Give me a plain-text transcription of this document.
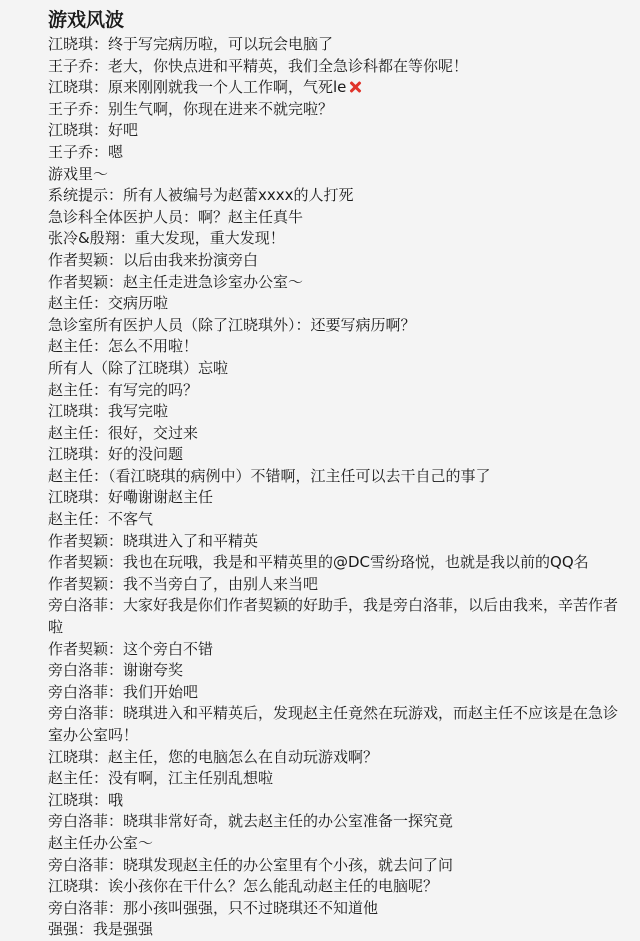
游戏风波
江晓琪：终于写完病历啦，可以玩会电脑了
王子乔：老大，你快点进和平精英，我们全急诊科都在等你呢！
江晓琪：原来刚刚就我一个人工作啊，气死le
王子乔：别生气啊，你现在进来不就完啦？
江晓琪：好吧
王子乔：嗯
游戏里～
系统提示：所有人被编号为赵蕾xxxx的人打死
急诊科全体医护人员：啊？赵主任真牛
张冷&殷翔：重大发现，重大发现！
作者契颖：以后由我来扮演旁白
作者契颖：赵主任走进急诊室办公室～
赵主任：交病历啦
急诊室所有医护人员（除了江晓琪外）：还要写病历啊？
赵主任：怎么不用啦！
所有人（除了江晓琪）忘啦
赵主任：有写完的吗？
江晓琪：我写完啦
赵主任：很好，交过来
江晓琪：好的没问题
赵主任：（看江晓琪的病例中）不错啊，江主任可以去干自己的事了
江晓琪：好嘞谢谢赵主任
赵主任：不客气
作者契颖：晓琪进入了和平精英
作者契颖：我也在玩哦，我是和平精英里的@DC雪纷珞悦，也就是我以前的QQ名
作者契颖：我不当旁白了，由别人来当吧
旁白洛菲：大家好我是你们作者契颖的好助手，我是旁白洛菲，以后由我来，辛苦作者啦
作者契颖：这个旁白不错
旁白洛菲：谢谢夸奖
旁白洛菲：我们开始吧
旁白洛菲：晓琪进入和平精英后，发现赵主任竟然在玩游戏，而赵主任不应该是在急诊室办公室吗！
江晓琪：赵主任，您的电脑怎么在自动玩游戏啊？
赵主任：没有啊，江主任别乱想啦
江晓琪：哦
旁白洛菲：晓琪非常好奇，就去赵主任的办公室准备一探究竟
赵主任办公室～
旁白洛菲：晓琪发现赵主任的办公室里有个小孩，就去问了问
江晓琪：诶小孩你在干什么？怎么能乱动赵主任的电脑呢？
旁白洛菲：那小孩叫强强，只不过晓琪还不知道他
强强：我是强强
